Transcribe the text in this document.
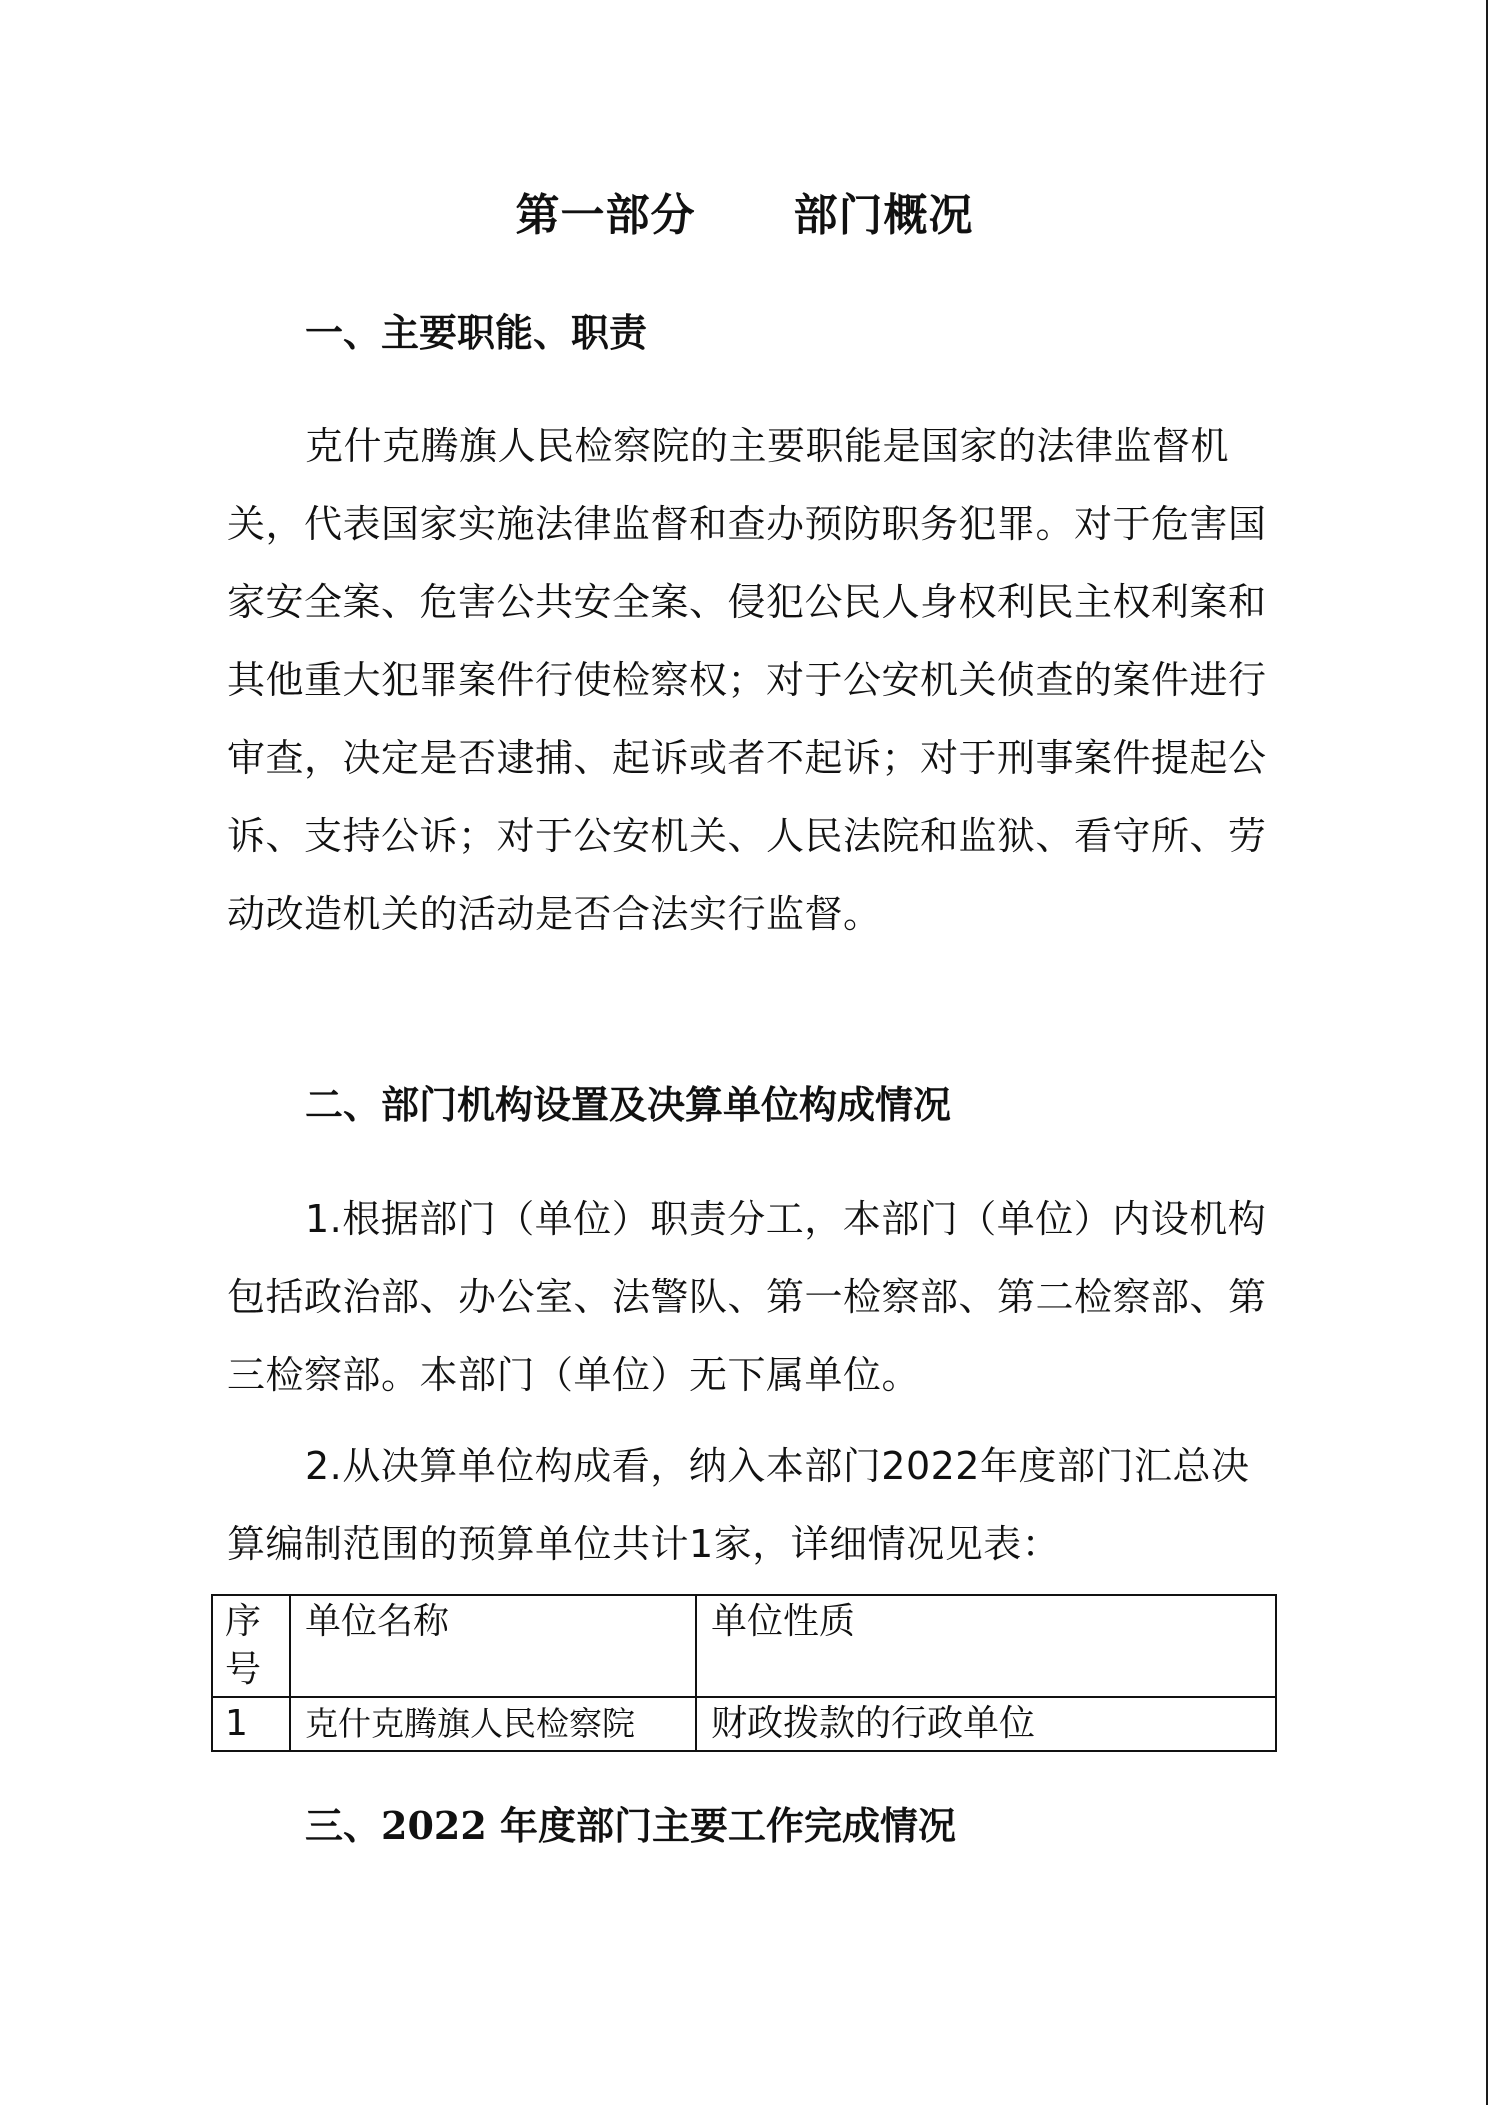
第一部分      部门概况
一、主要职能、职责

克什克腾旗人民检察院的主要职能是国家的法律监督机关，代表国家实施法律监督和查办预防职务犯罪。对于危害国家安全案、危害公共安全案、侵犯公民人身权利民主权利案和其他重大犯罪案件行使检察权；对于公安机关侦查的案件进行审查，决定是否逮捕、起诉或者不起诉；对于刑事案件提起公诉、支持公诉；对于公安机关、人民法院和监狱、看守所、劳动改造机关的活动是否合法实行监督。

二、部门机构设置及决算单位构成情况

1.根据部门（单位）职责分工，本部门（单位）内设机构包括政治部、办公室、法警队、第一检察部、第二检察部、第三检察部。本部门（单位）无下属单位。

2.从决算单位构成看，纳入本部门2022年度部门汇总决算编制范围的预算单位共计1家，详细情况见表：

序
号	单位名称	单位性质
1	克什克腾旗人民检察院	财政拨款的行政单位
三、2022 年度部门主要工作完成情况
